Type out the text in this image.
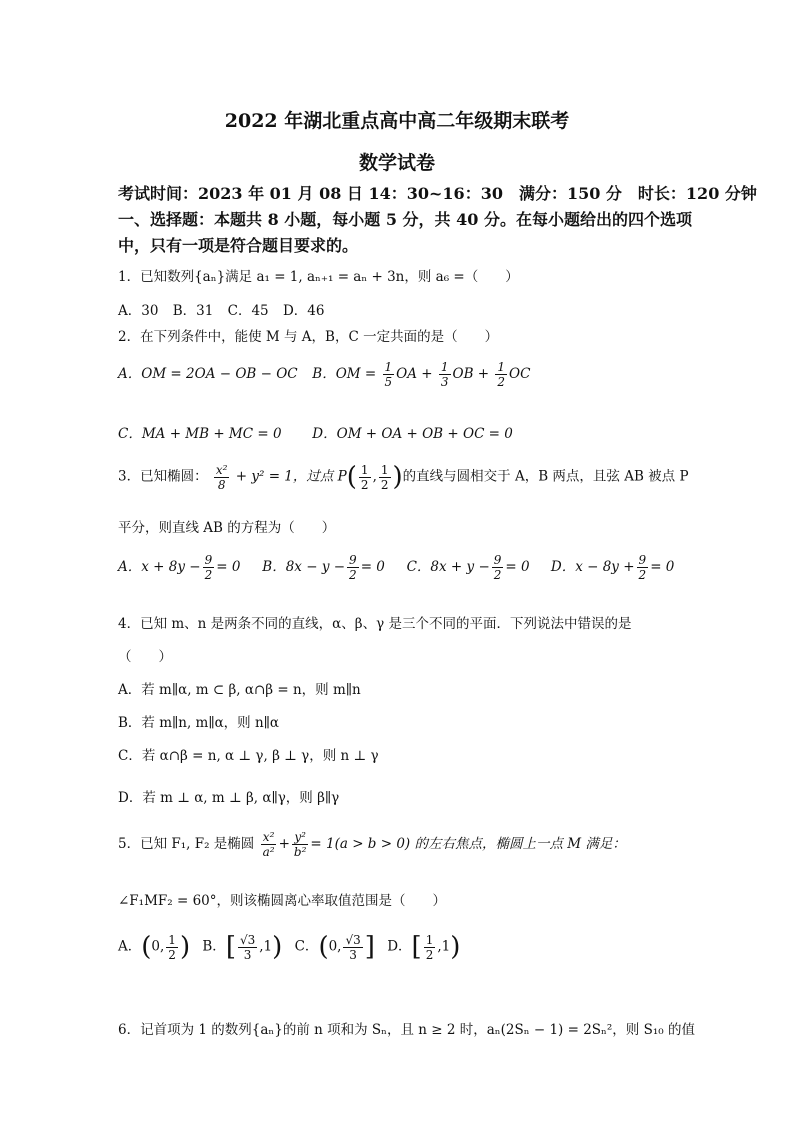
2022 年湖北重点高中高二年级期末联考
数学试卷
考试时间：2023 年 01 月 08 日 14：30~16：30　满分：150 分　时长：120 分钟
一、选择题：本题共 8 小题，每小题 5 分，共 40 分。在每小题给出的四个选项
中，只有一项是符合题目要求的。
1．已知数列{aₙ}满足 a₁ = 1, aₙ₊₁ = aₙ + 3n，则 a₆ =（　　）
A．30 B．31 C．45 D．46
2．在下列条件中，能使 M 与 A，B，C 一定共面的是（　　）
A．OM = 2OA − OB − OC B．OM = $\frac{1}{5}$ OA + $\frac{1}{3}$ OB + $\frac{1}{2}$ OC
C．MA + MB + MC = 0 D．OM + OA + OB + OC = 0
3．已知椭圆： $\frac{\text{x²}}{8} + y^2 = 1$，过点 $P( \frac{1}{2}$ , $\frac{1}{2}$ )的直线与圆相交于 A，B 两点，且弦 AB 被点 P
平分，则直线 AB 的方程为（　　）
A．$x + 8y - \frac{9}{2} = 0$ B．$8x - y - \frac{9}{2} = 0$ C．$8x + y - \frac{9}{2} = 0$ D．$x - 8y + \frac{9}{2} = 0$
4．已知 m、n 是两条不同的直线，α、β、γ 是三个不同的平面．下列说法中错误的是
（　　）
A．若 m∥α, m ⊂ β, α∩β = n，则 m∥n
B．若 m∥n, m∥α，则 n∥α
C．若 α∩β = n, α ⊥ γ, β ⊥ γ，则 n ⊥ γ
D．若 m ⊥ α, m ⊥ β, α∥γ，则 β∥γ
5．已知 F₁, F₂ 是椭圆 $\frac{\text{x²}}{\text{a²}} + \frac{\text{y²}}{\text{b²}} = 1(a > b > 0)$ 的左右焦点，椭圆上一点 M 满足：
∠F₁MF₂ = 60°，则该椭圆离心率取值范围是（　　）
A．(0, $\frac{1}{2}$ ) B．[ $\frac{√3}{3} ,1$) C．(0, $\frac{√3}{3}$ ] D．[ $\frac{1}{2} ,1$)
6．记首项为 1 的数列{aₙ}的前 n 项和为 Sₙ，且 n ≥ 2 时，aₙ(2Sₙ − 1) = 2Sₙ²，则 S₁₀ 的值
